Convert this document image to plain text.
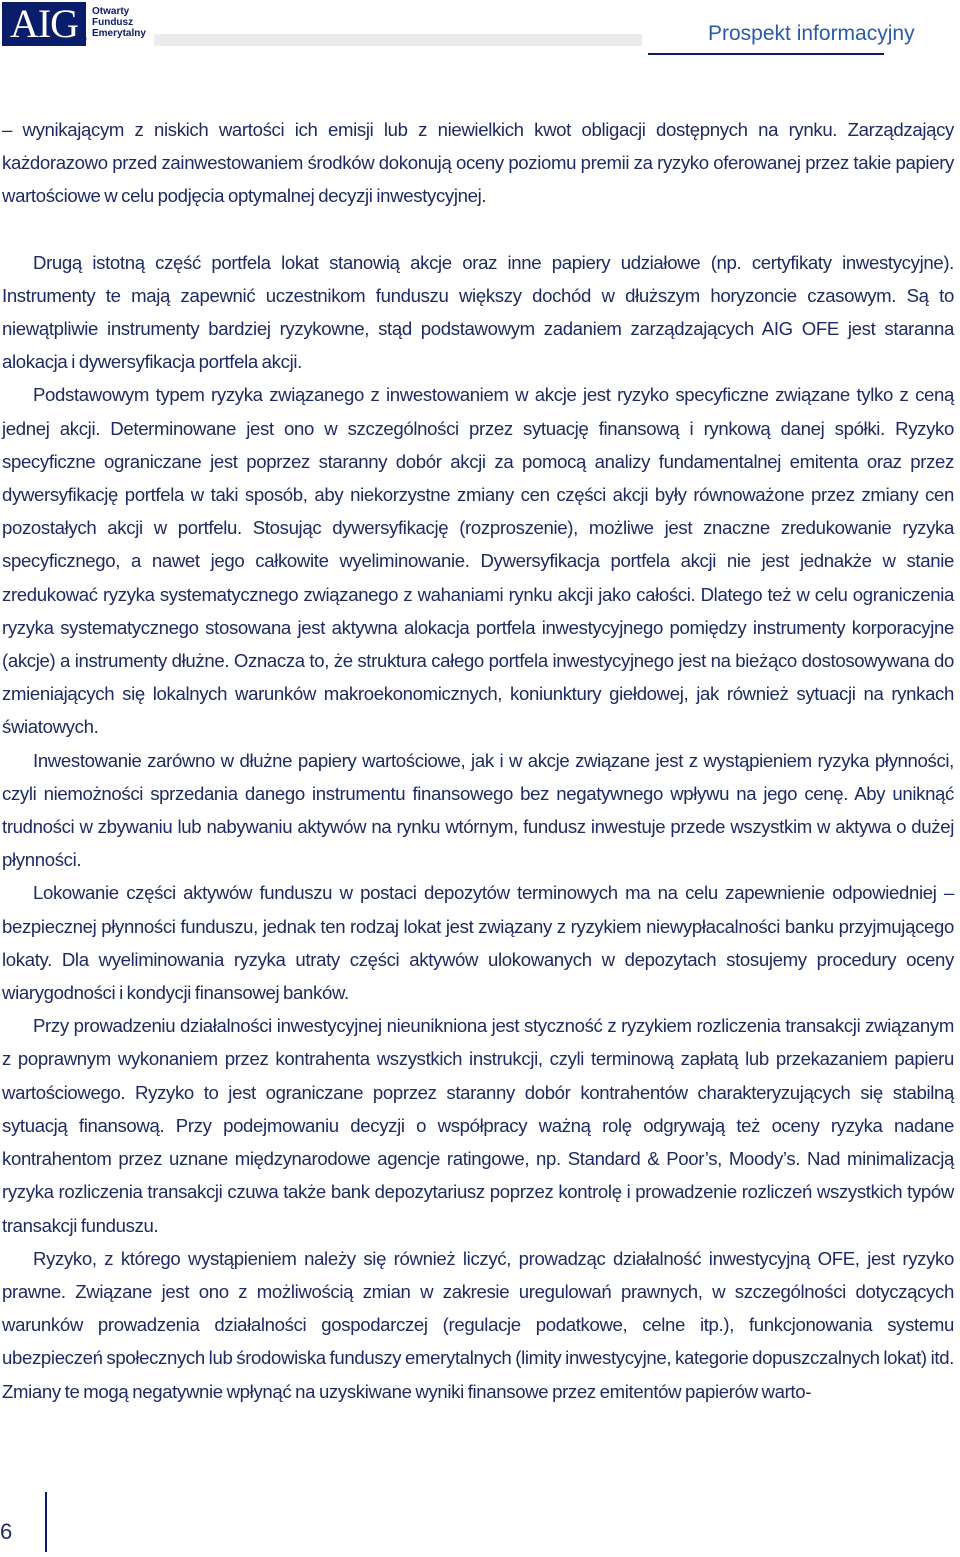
AIG ®
Otwarty
Fundusz
Emerytalny	Prospekt informacyjny

– wynikającym z niskich wartości ich emisji lub z niewielkich kwot obligacji dostępnych na rynku. Zarządzający każdorazowo przed zainwestowaniem środków dokonują oceny poziomu premii za ryzyko oferowanej przez takie papiery wartościowe w celu podjęcia optymalnej decyzji inwestycyjnej.

Drugą istotną część portfela lokat stanowią akcje oraz inne papiery udziałowe (np. certyfikaty inwestycyjne). Instrumenty te mają zapewnić uczestnikom funduszu większy dochód w dłuższym horyzoncie czasowym. Są to niewątpliwie instrumenty bardziej ryzykowne, stąd podstawowym zadaniem zarządzających AIG OFE jest staranna alokacja i dywersyfikacja portfela akcji.

Podstawowym typem ryzyka związanego z inwestowaniem w akcje jest ryzyko specyficzne związane tylko z ceną jednej akcji. Determinowane jest ono w szczególności przez sytuację finansową i rynkową danej spółki. Ryzyko specyficzne ograniczane jest poprzez staranny dobór akcji za pomocą analizy fundamentalnej emitenta oraz przez dywersyfikację portfela w taki sposób, aby niekorzystne zmiany cen części akcji były równoważone przez zmiany cen pozostałych akcji w portfelu. Stosując dywersyfikację (rozproszenie), możliwe jest znaczne zredukowanie ryzyka specyficznego, a nawet jego całkowite wyeliminowanie. Dywersyfikacja portfela akcji nie jest jednakże w stanie zredukować ryzyka systematycznego związanego z wahaniami rynku akcji jako całości. Dlatego też w celu ograniczenia ryzyka systematycznego stosowana jest aktywna alokacja portfela inwestycyjnego pomiędzy instrumenty korporacyjne (akcje) a instrumenty dłużne. Oznacza to, że struktura całego portfela inwestycyjnego jest na bieżąco dostosowywana do zmieniających się lokalnych warunków makroekonomicznych, koniunktury giełdowej, jak również sytuacji na rynkach światowych.

Inwestowanie zarówno w dłużne papiery wartościowe, jak i w akcje związane jest z wystąpieniem ryzyka płynności, czyli niemożności sprzedania danego instrumentu finansowego bez negatywnego wpływu na jego cenę. Aby uniknąć trudności w zbywaniu lub nabywaniu aktywów na rynku wtórnym, fundusz inwestuje przede wszystkim w aktywa o dużej płynności.

Lokowanie części aktywów funduszu w postaci depozytów terminowych ma na celu zapewnienie odpowiedniej – bezpiecznej płynności funduszu, jednak ten rodzaj lokat jest związany z ryzykiem niewypłacalności banku przyjmującego lokaty. Dla wyeliminowania ryzyka utraty części aktywów ulokowanych w depozytach stosujemy procedury oceny wiarygodności i kondycji finansowej banków.

Przy prowadzeniu działalności inwestycyjnej nieunikniona jest styczność z ryzykiem rozliczenia transakcji związanym z poprawnym wykonaniem przez kontrahenta wszystkich instrukcji, czyli terminową zapłatą lub przekazaniem papieru wartościowego. Ryzyko to jest ograniczane poprzez staranny dobór kontrahentów charakteryzujących się stabilną sytuacją finansową. Przy podejmowaniu decyzji o współpracy ważną rolę odgrywają też oceny ryzyka nadane kontrahentom przez uznane międzynarodowe agencje ratingowe, np. Standard & Poor’s, Moody’s. Nad minimalizacją ryzyka rozliczenia transakcji czuwa także bank depozytariusz poprzez kontrolę i prowadzenie rozliczeń wszystkich typów transakcji funduszu.

Ryzyko, z którego wystąpieniem należy się również liczyć, prowadząc działalność inwestycyjną OFE, jest ryzyko prawne. Związane jest ono z możliwością zmian w zakresie uregulowań prawnych, w szczególności dotyczących warunków prowadzenia działalności gospodarczej (regulacje podatkowe, celne itp.), funkcjonowania systemu ubezpieczeń społecznych lub środowiska funduszy emerytalnych (limity inwestycyjne, kategorie dopuszczalnych lokat) itd. Zmiany te mogą negatywnie wpłynąć na uzyskiwane wyniki finansowe przez emitentów papierów warto-

6
